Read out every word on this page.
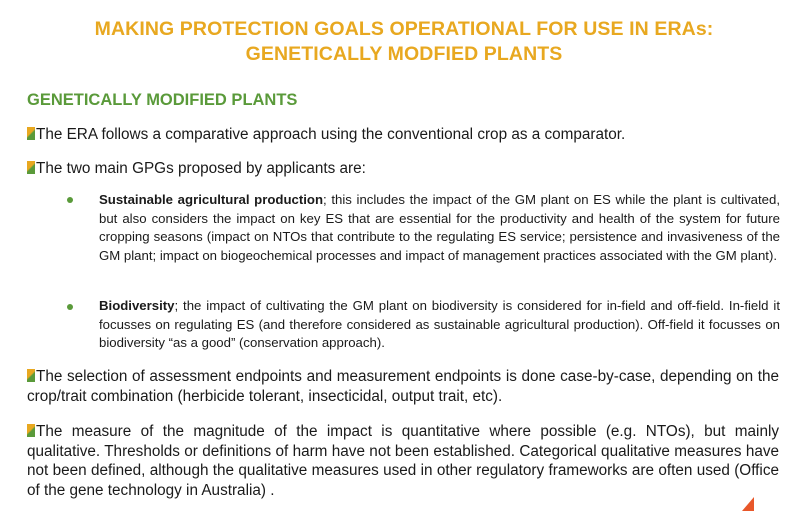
MAKING PROTECTION GOALS OPERATIONAL FOR USE IN ERAs:
GENETICALLY MODFIED PLANTS
GENETICALLY MODIFIED PLANTS
The ERA follows a comparative approach using the conventional crop as a comparator.
The two main GPGs proposed by applicants are:
Sustainable agricultural production; this includes the impact of the GM plant on ES while the plant is cultivated, but also considers the impact on key ES that are essential for the productivity and health of the system for future cropping seasons (impact on NTOs that contribute to the regulating ES service; persistence and invasiveness of the GM plant; impact on biogeochemical processes and impact of management practices associated with the GM plant).
Biodiversity; the impact of cultivating the GM plant on biodiversity is considered for in-field and off-field. In-field it focusses on regulating ES (and therefore considered as sustainable agricultural production). Off-field it focusses on biodiversity “as a good” (conservation approach).
The selection of assessment endpoints and measurement endpoints is done case-by-case, depending on the crop/trait combination (herbicide tolerant, insecticidal, output trait, etc).
The measure of the magnitude of the impact is quantitative where possible (e.g. NTOs), but mainly qualitative. Thresholds or definitions of harm have not been established. Categorical qualitative measures have not been defined, although the qualitative measures used in other regulatory frameworks are often used (Office of the gene technology in Australia) .
